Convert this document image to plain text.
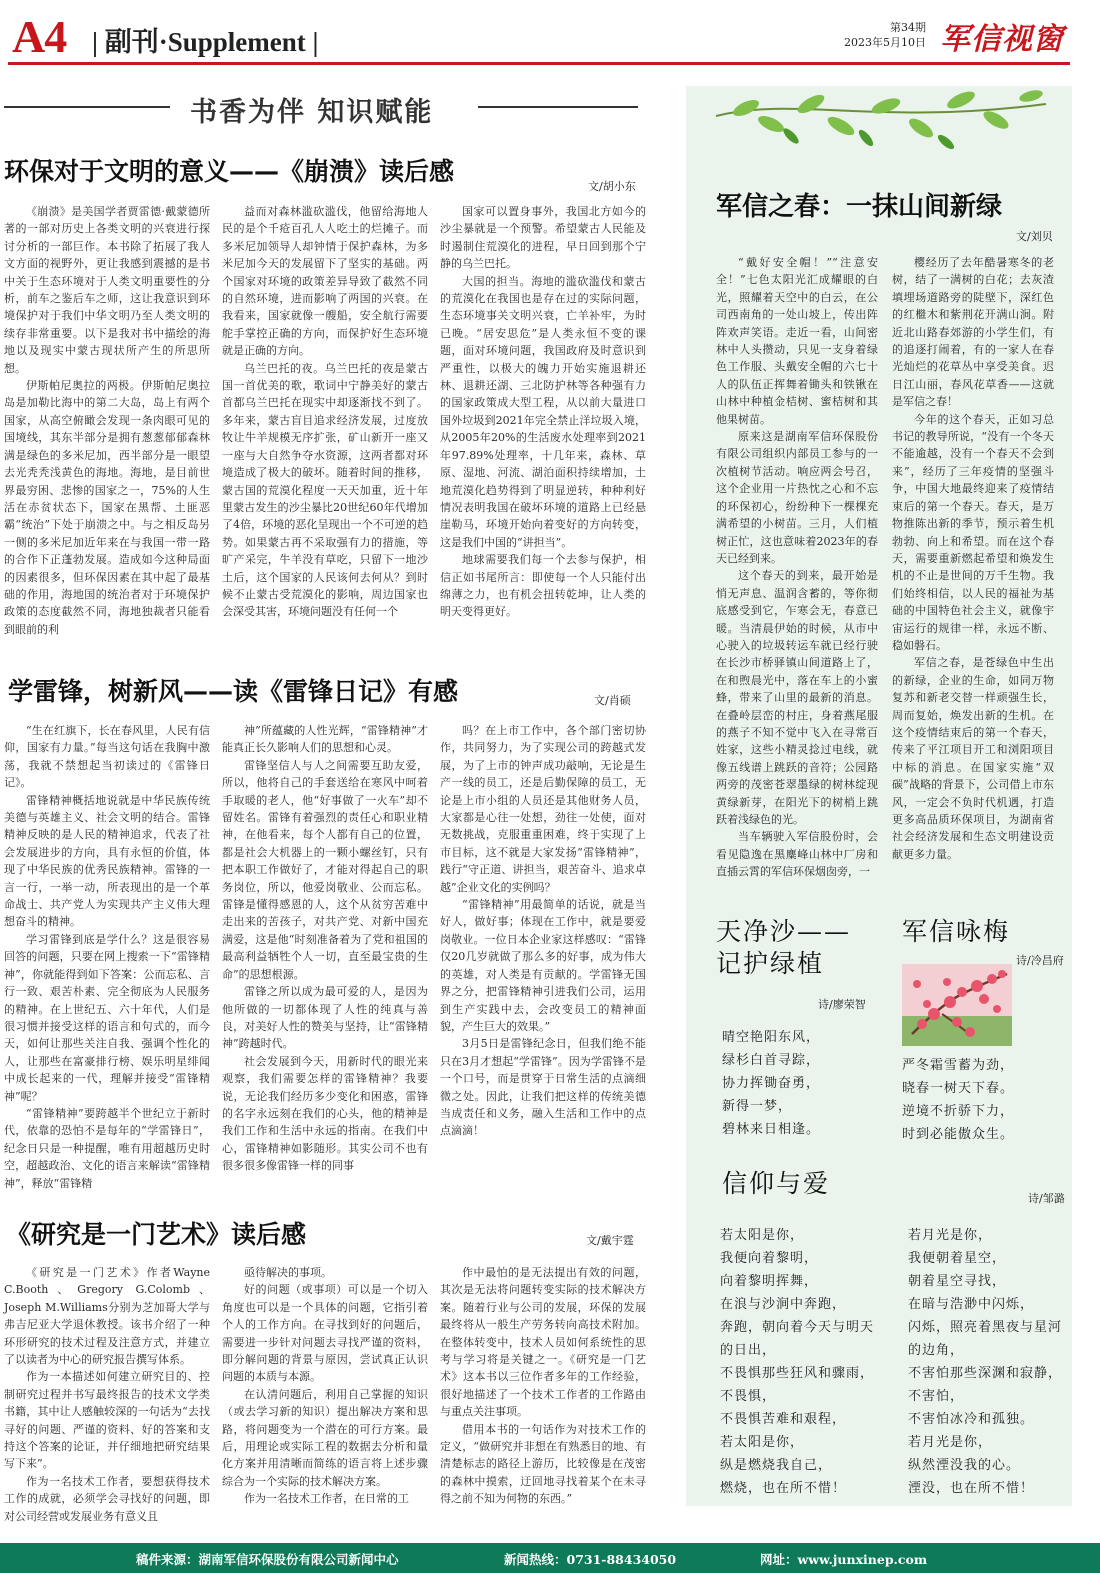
A4 | 副刊·Supplement |	第34期
2023年5月10日 军信视窗
书香为伴 知识赋能
环保对于文明的意义——《崩溃》读后感
文/胡小东

《崩溃》是美国学者贾雷德·戴蒙德所著的一部对历史上各类文明的兴衰进行探讨分析的一部巨作。本书除了拓展了我人文方面的视野外，更让我感到震撼的是书中关于生态环境对于人类文明重要性的分析，前车之鉴后车之师，这让我意识到环境保护对于我们中华文明乃至人类文明的续存非常重要。以下是我对书中描绘的海地以及现实中蒙古现状所产生的所思所想。

伊斯帕尼奥拉的两极。伊斯帕尼奥拉岛是加勒比海中的第二大岛，岛上有两个国家，从高空俯瞰会发现一条肉眼可见的国境线，其东半部分是拥有葱葱郁郁森林满是绿色的多米尼加，西半部分是一眼望去光秃秃浅黄色的海地。海地，是目前世界最穷困、悲惨的国家之一，75%的人生活在赤贫状态下，国家在黑帮、土匪恶霸“统治”下处于崩溃之中。与之相反岛另一侧的多米尼加近年来在与我国一带一路的合作下正蓬勃发展。造成如今这种局面的因素很多，但环保因素在其中起了最基础的作用，海地国的统治者对于环境保护政策的态度截然不同，海地独裁者只能看到眼前的利

益而对森林滥砍滥伐，他留给海地人民的是个千疮百孔人人吃土的烂摊子。而多米尼加领导人却钟情于保护森林，为多米尼加今天的发展留下了坚实的基础。两个国家对环境的政策差异导致了截然不同的自然环境，进而影响了两国的兴衰。在我看来，国家就像一艘船，安全航行需要舵手掌控正确的方向，而保护好生态环境就是正确的方向。

乌兰巴托的夜。乌兰巴托的夜是蒙古国一首优美的歌，歌词中宁静美好的蒙古首都乌兰巴托在现实中却逐渐找不到了。多年来，蒙古盲目追求经济发展，过度放牧让牛羊规模无序扩张，矿山新开一座又一座与大自然争夺水资源，这两者都对环境造成了极大的破坏。随着时间的推移，蒙古国的荒漠化程度一天天加重，近十年里蒙古发生的沙尘暴比20世纪60年代增加了4倍，环境的恶化呈现出一个不可逆的趋势。如果蒙古再不采取强有力的措施，等旷产采完，牛羊没有草吃，只留下一地沙土后，这个国家的人民该何去何从？到时候不止蒙古受荒漠化的影响，周边国家也会深受其害，环境问题没有任何一个

国家可以置身事外，我国北方如今的沙尘暴就是一个预警。希望蒙古人民能及时遏制住荒漠化的进程，早日回到那个宁静的乌兰巴托。

大国的担当。海地的滥砍滥伐和蒙古的荒漠化在我国也是存在过的实际问题，生态环境事关文明兴衰，亡羊补牢，为时已晚。“居安思危”是人类永恒不变的课题，面对环境问题，我国政府及时意识到严重性，以极大的魄力开始实施退耕还林、退耕还湖、三北防护林等各种强有力的国家政策成大型工程，从以前大量进口国外垃圾到2021年完全禁止洋垃圾入境，从2005年20%的生活废水处理率到2021年97.89%处理率，十几年来，森林、草原、湿地、河流、湖泊面积持续增加，土地荒漠化趋势得到了明显逆转，种种利好情况表明我国在破坏环境的道路上已经悬崖勒马，环境开始向着变好的方向转变，这是我们中国的“讲担当”。

地球需要我们每一个去参与保护，相信正如书尾所言：即使每一个人只能付出绵薄之力，也有机会扭转乾坤，让人类的明天变得更好。

学雷锋，树新风——读《雷锋日记》有感	文/肖硕

“生在红旗下，长在春风里，人民有信仰，国家有力量。”每当这句话在我胸中激荡，我就不禁想起当初读过的《雷锋日记》。

雷锋精神概括地说就是中华民族传统美德与英雄主义、社会文明的结合。雷锋精神反映的是人民的精神追求，代表了社会发展进步的方向，具有永恒的价值，体现了中华民族的优秀民族精神。雷锋的一言一行，一举一动，所表现出的是一个革命战士、共产党人为实现共产主义伟大理想奋斗的精神。

学习雷锋到底是学什么？这是很容易回答的问题，只要在网上搜索一下“雷锋精神”，你就能得到如下答案：公而忘私、言行一致、艰苦朴素、完全彻底为人民服务的精神。在上世纪五、六十年代，人们是很习惯并接受这样的语言和句式的，而今天，如何让那些关注自我、强调个性化的人，让那些在富豪排行榜、娱乐明星绯闻中成长起来的一代，理解并接受“雷锋精神”呢？

“雷锋精神”要跨越半个世纪立于新时代，依靠的恐怕不是每年的“学雷锋日”，纪念日只是一种提醒，唯有用超越历史时空，超越政治、文化的语言来解读“雷锋精神”，释放“雷锋精

神”所蕴藏的人性光辉，“雷锋精神”才能真正长久影响人们的思想和心灵。

雷锋坚信人与人之间需要互助友爱，所以，他将自己的手套送给在寒风中呵着手取暖的老人，他“好事做了一火车”却不留姓名。雷锋有着强烈的责任心和职业精神，在他看来，每个人都有自己的位置，都是社会大机器上的一颗小螺丝钉，只有把本职工作做好了，才能对得起自己的职务岗位，所以，他爱岗敬业、公而忘私。雷锋是懂得感恩的人，这个从贫穷苦难中走出来的苦孩子，对共产党、对新中国充满爱，这是他“时刻准备着为了党和祖国的最高利益牺牲个人一切，直至最宝贵的生命”的思想根源。

雷锋之所以成为最可爱的人，是因为他所做的一切都体现了人性的纯真与善良，对美好人性的赞美与坚持，让“雷锋精神”跨越时代。

社会发展到今天，用新时代的眼光来观察，我们需要怎样的雷锋精神？我要说，无论我们经历多少变化和困惑，雷锋的名字永远刻在我们的心头，他的精神是我们工作和生活中永远的指南。在我们中心，雷锋精神如影随形。其实公司不也有很多很多像雷锋一样的同事

吗？在上市工作中，各个部门密切协作，共同努力，为了实现公司的跨越式发展，为了上市的钟声成功敲响，无论是生产一线的员工，还是后勤保障的员工，无论是上市小组的人员还是其他财务人员，大家都是心往一处想，劲往一处使，面对无数挑战，克服重重困难，终于实现了上市目标，这不就是大家发扬“雷锋精神”，践行“守正道、讲担当，艰苦奋斗、追求卓越”企业文化的实例吗？

“雷锋精神”用最简单的话说，就是当好人，做好事；体现在工作中，就是要爱岗敬业。一位日本企业家这样感叹：“雷锋仅20几岁就做了那么多的好事，成为伟大的英雄，对人类是有贡献的。学雷锋无国界之分，把雷锋精神引进我们公司，运用到生产实践中去，会改变员工的精神面貌，产生巨大的效果。”

3月5日是雷锋纪念日，但我们绝不能只在3月才想起“学雷锋”。因为学雷锋不是一个口号，而是贯穿于日常生活的点滴细微之处。因此，让我们把这样的传统美德当成责任和义务，融入生活和工作中的点点滴滴！

《研究是一门艺术》读后感	文/戴宇霆

《研究是一门艺术》作者Wayne C.Booth、Gregory G.Colomb、Joseph M.Williams分别为芝加哥大学与弗吉尼亚大学退休教授。该书介绍了一种环形研究的技术过程及注意方式，并建立了以读者为中心的研究报告撰写体系。

作为一本描述如何建立研究目的、控制研究过程并书写最终报告的技术文学类书籍，其中让人感触较深的一句话为“去找寻好的问题、严谨的资料、好的答案和支持这个答案的论证，并仔细地把研究结果写下来”。

作为一名技术工作者，要想获得技术工作的成就，必须学会寻找好的问题，即对公司经营或发展业务有意义且

亟待解决的事项。

好的问题（或事项）可以是一个切入角度也可以是一个具体的问题，它指引着个人的工作方向。在寻找到好的问题后，需要进一步针对问题去寻找严谨的资料，即分解问题的背景与原因，尝试真正认识问题的本质与本源。

在认清问题后，利用自己掌握的知识（或去学习新的知识）提出解决方案和思路，将问题变为一个潜在的可行方案。最后，用理论或实际工程的数据去分析和量化方案并用清晰而简练的语言将上述步骤综合为一个实际的技术解决方案。

作为一名技术工作者，在日常的工

作中最怕的是无法提出有效的问题，其次是无法将问题转变实际的技术解决方案。随着行业与公司的发展，环保的发展最终将从一般生产劳务转向高技术附加。在整体转变中，技术人员如何系统性的思考与学习将是关键之一。《研究是一门艺术》这本书以三位作者多年的工作经验，很好地描述了一个技术工作者的工作路由与重点关注事项。

借用本书的一句话作为对技术工作的定义，“做研究并非想在有熟悉目的地、有清楚标志的路径上游历，比较像是在茂密的森林中摸索，迂回地寻找着某个在未寻得之前不知为何物的东西。”

军信之春：一抹山间新绿
文/刘贝

“戴好安全帽！”“注意安全！”七色太阳光汇成耀眼的白光，照耀着天空中的白云，在公司西南角的一处山坡上，传出阵阵欢声笑语。走近一看，山间密林中人头攒动，只见一支身着绿色工作服、头戴安全帽的六七十人的队伍正挥舞着锄头和铁锹在山林中种植金桔树、蜜桔树和其他果树苗。

原来这是湖南军信环保股份有限公司组织内部员工参与的一次植树节活动。响应两会号召，这个企业用一片热忱之心和不忘的环保初心，纷纷种下一棵棵充满希望的小树苗。三月，人们植树正忙，这也意味着2023年的春天已经到来。

这个春天的到来，最开始是悄无声息、温润含蓄的，等你彻底感受到它，乍寒会无，春意已暖。当清晨伊始的时候，从市中心驶入的垃圾转运车就已经行驶在长沙市桥驿镇山间道路上了，在和煦晨光中，落在车上的小蜜蜂，带来了山里的最新的消息。在叠岭层峦的村庄，身着燕尾服的燕子不知不觉中飞入在寻常百姓家，这些小精灵捻过电线，就像五线谱上跳跃的音符；公园路两旁的茂密苍翠墨绿的树林绽现黄绿新芽，在阳光下的树梢上跳跃着浅绿色的光。

当车辆驶入军信股份时，会看见隐逸在黑麋峰山林中厂房和直插云霄的军信环保烟囱旁，一

樱经历了去年酷暑寒冬的老树，结了一满树的白花；去灰渣填埋场道路旁的陡壁下，深红色的红檵木和紫荆花开满山涧。附近北山路春郊游的小学生们，有的追逐打闹着，有的一家人在春光灿烂的花草丛中享受美食。迟日江山丽，春风花草香——这就是军信之春！

今年的这个春天，正如习总书记的教导所说，“没有一个冬天不能逾越，没有一个春天不会到来”，经历了三年疫情的坚强斗争，中国大地最终迎来了疫情结束后的第一个春天。春天，是万物推陈出新的季节，预示着生机勃勃、向上和希望。而在这个春天，需要重新燃起希望和焕发生机的不止是世间的万千生物。我们始终相信，以人民的福祉为基础的中国特色社会主义，就像宇宙运行的规律一样，永远不断、稳如磐石。

军信之春，是苍绿色中生出的新绿，企业的生命，如同万物复苏和新老交替一样顽强生长，周而复始，焕发出新的生机。在这个疫情结束后的第一个春天，传来了平江项目开工和浏阳项目中标的消息。在国家实施“双碳”战略的背景下，公司借上市东风，一定会不负时代机遇，打造更多高品质环保项目，为湖南省社会经济发展和生态文明建设贡献更多力量。

天净沙——
记护绿植
诗/廖荣智
晴空艳阳东风，
绿杉白首寻踪，
协力挥锄奋勇，
新得一梦，
碧林来日相逢。
军信咏梅
诗/冷昌府
严冬霜雪蓄为劲，
晓春一树天下春。
逆境不折骄下力，
时到必能傲众生。
信仰与爱
诗/邹潞
若太阳是你，
我便向着黎明，
向着黎明挥舞，
在浪与沙涧中奔跑，
奔跑，朝向着今天与明天
的日出，
不畏惧那些狂风和骤雨，
不畏惧，
不畏惧苦难和艰程，
若太阳是你，
纵是燃烧我自己，
燃烧，也在所不惜！
若月光是你，
我便朝着星空，
朝着星空寻找，
在暗与浩渺中闪烁，
闪烁，照亮着黑夜与星河
的边角，
不害怕那些深渊和寂静，
不害怕，
不害怕冰冷和孤独。
若月光是你，
纵然湮没我的心。
湮没，也在所不惜！
稿件来源：湖南军信环保股份有限公司新闻中心	新闻热线：0731-88434050	网址：www.junxinep.com
